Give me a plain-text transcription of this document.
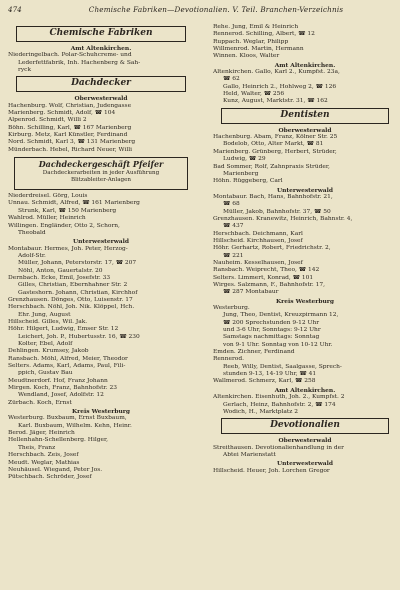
474	Chemische Fabriken—Devotionalien. V. Teil. Branchen-Verzeichnis
Chemische Fabriken
Amt Altenkirchen.
Niederingelbach. Polar-Schuhcreme- und
Lederfettfabrik, Inh. Hachenberg & Sah-
ryck
Dachdecker
Oberwesterwald
Hachenburg. Wolf, Christian, Judengasse
Marienberg. Schmidt, Adolf, ☎ 104
Alpenrod. Schmidt, Willi 2
Böhn. Schilling, Karl, ☎ 167 Marienberg
Kirburg. Metz, Karl Künstler, Ferdinand
Nord. Schmidt, Karl 3, ☎ 131 Marienberg
Münderbach. Hebel, Richard Neuer, Willi
Dachdeckergeschäft Pfeifer
Dachdeckerarbeiten in jeder Ausführung
Blitzableiter-Anlagen
Niederdreisel. Görg, Louis
Unnau. Schmidt, Alfred, ☎ 161 Marienberg
Strunk, Karl, ☎ 150 Marienberg
Wahlrod. Müller, Heinrich
Willingen. Engländer, Otto 2, Schorn,
Theobald
Unterwesterwald
Montabaur. Hermes, Joh. Peter, Herzog-
Adolf-Str.
Müller, Johann, Peterstorstr. 17, ☎ 207
Nöhl, Anton, Gauertalstr. 20
Dernbach. Ecke, Emil, Josefstr. 33
Gilles, Christian, Ebernhahner Str. 2
Gasteshorn. Johann, Christian, Kirchhof
Grenzhausen. Dönges, Otto, Luisenstr. 17
Herschbach. Nöhl, Joh. Nik. Klöppel, Hch.
Ehr. Jung, August
Hillscheid. Gilles, Wil. Jak.
Höhr. Hilgert, Ludwig, Emser Str. 12
Leichert, Joh. P., Hubertusstr. 16, ☎ 230
Kolter, Ebel, Adolf
Dehlingen. Krumsey, Jakob
Ransbach. Möhl, Alfred, Meier, Theodor
Selters. Adams, Karl, Adams, Paul, Fili-
ppich, Gustav Bau
Meudtnerdorf. Hof, Franz Johann
Mirgen. Koch, Franz, Bahnhofstr. 23
Wendland, Josef, Adolfstr. 12
Zürbach. Koch, Ernst
Kreis Westerburg
Westerburg. Buxbaum, Ernst Buxbaum,
Karl. Buxbaum, Wilhelm. Kehn, Heinr.
Berod. Jäger, Heinrich
Hellenhahn-Schellenberg. Hilger,
Theis, Franz
Herschbach. Zeis, Josef
Meudt. Weglar, Mathias
Neuhäusel. Wiegand, Peter Jos.
Pütschbach. Schröder, Josef
Rehe. Jung, Emil & Heinrich
Rennerod. Schilling, Albert, ☎ 12
Ruppach. Weglar, Philipp
Willmenrod. Martin, Hermann
Winnen. Kloos, Walter
Amt Altenkirchen.
Altenkirchen. Gallo, Karl 2., Kumpfst. 23a,
☎ 62
Gallo, Heinrich 2., Hohlweg 2, ☎ 126
Held, Walter, ☎ 256
Kunz, August, Marktstr. 31, ☎ 162
Dentisten
Oberwesterwald
Hachenburg. Abam, Franz, Kölner Str. 25
Bodelob, Otto, Alter Markt, ☎ 81
Marienberg. Grünberg, Herbert, Strüder,
Ludwig, ☎ 29
Bad Sommer, Rolf, Zahnpraxis Strüder,
Marienberg
Höhn. Rüggeberg, Carl
Unterwesterwald
Montabaur. Bach, Hans, Bahnhofstr. 21,
☎ 68
Müller, Jakob, Bahnhofstr. 37, ☎ 50
Grenzhausen. Kranewitz, Heinrich, Bahnstr. 4,
☎ 437
Herschbach. Deichmann, Karl
Hillscheid. Kirchhausen, Josef
Höhr. Gerhartz, Robert, Friedrichstr. 2,
☎ 221
Nauheim. Kesselhausen, Josef
Ransbach. Weiprecht, Theo, ☎ 142
Selters. Limmert, Konrad, ☎ 101
Wirges. Salzmann, F., Bahnhofstr. 17,
☎ 287 Montabaur
Kreis Westerburg
Westerburg.
Jung, Theo, Dentist, Kreuzpirmann 12,
☎ 200 Sprechstunden 9-12 Uhr
und 3-6 Uhr, Sonntags: 9-12 Uhr
Samstags nachmittags: Sonntag
von 9-1 Uhr. Sonntag von 10-12 Uhr.
Emden. Zichner, Ferdinand
Rennerod.
Reeb, Willy, Dentist, Saalgasse, Sprech-
stunden 9-13, 14-19 Uhr, ☎ 41
Wallmerod. Schmerz, Karl, ☎ 258
Amt Altenkirchen.
Altenkirchen. Eisenhuth, Joh. 2., Kumpfst. 2
Gerlach, Heinz, Bahnhofstr. 2, ☎ 174
Wodich, H., Marktplatz 2
Devotionalien
Oberwesterwald
Streithausen. Devotionalienhandlung in der
Abtei Marienstatt
Unterwesterwald
Hillscheid. Heuer, Joh. Lorchen Gregor
